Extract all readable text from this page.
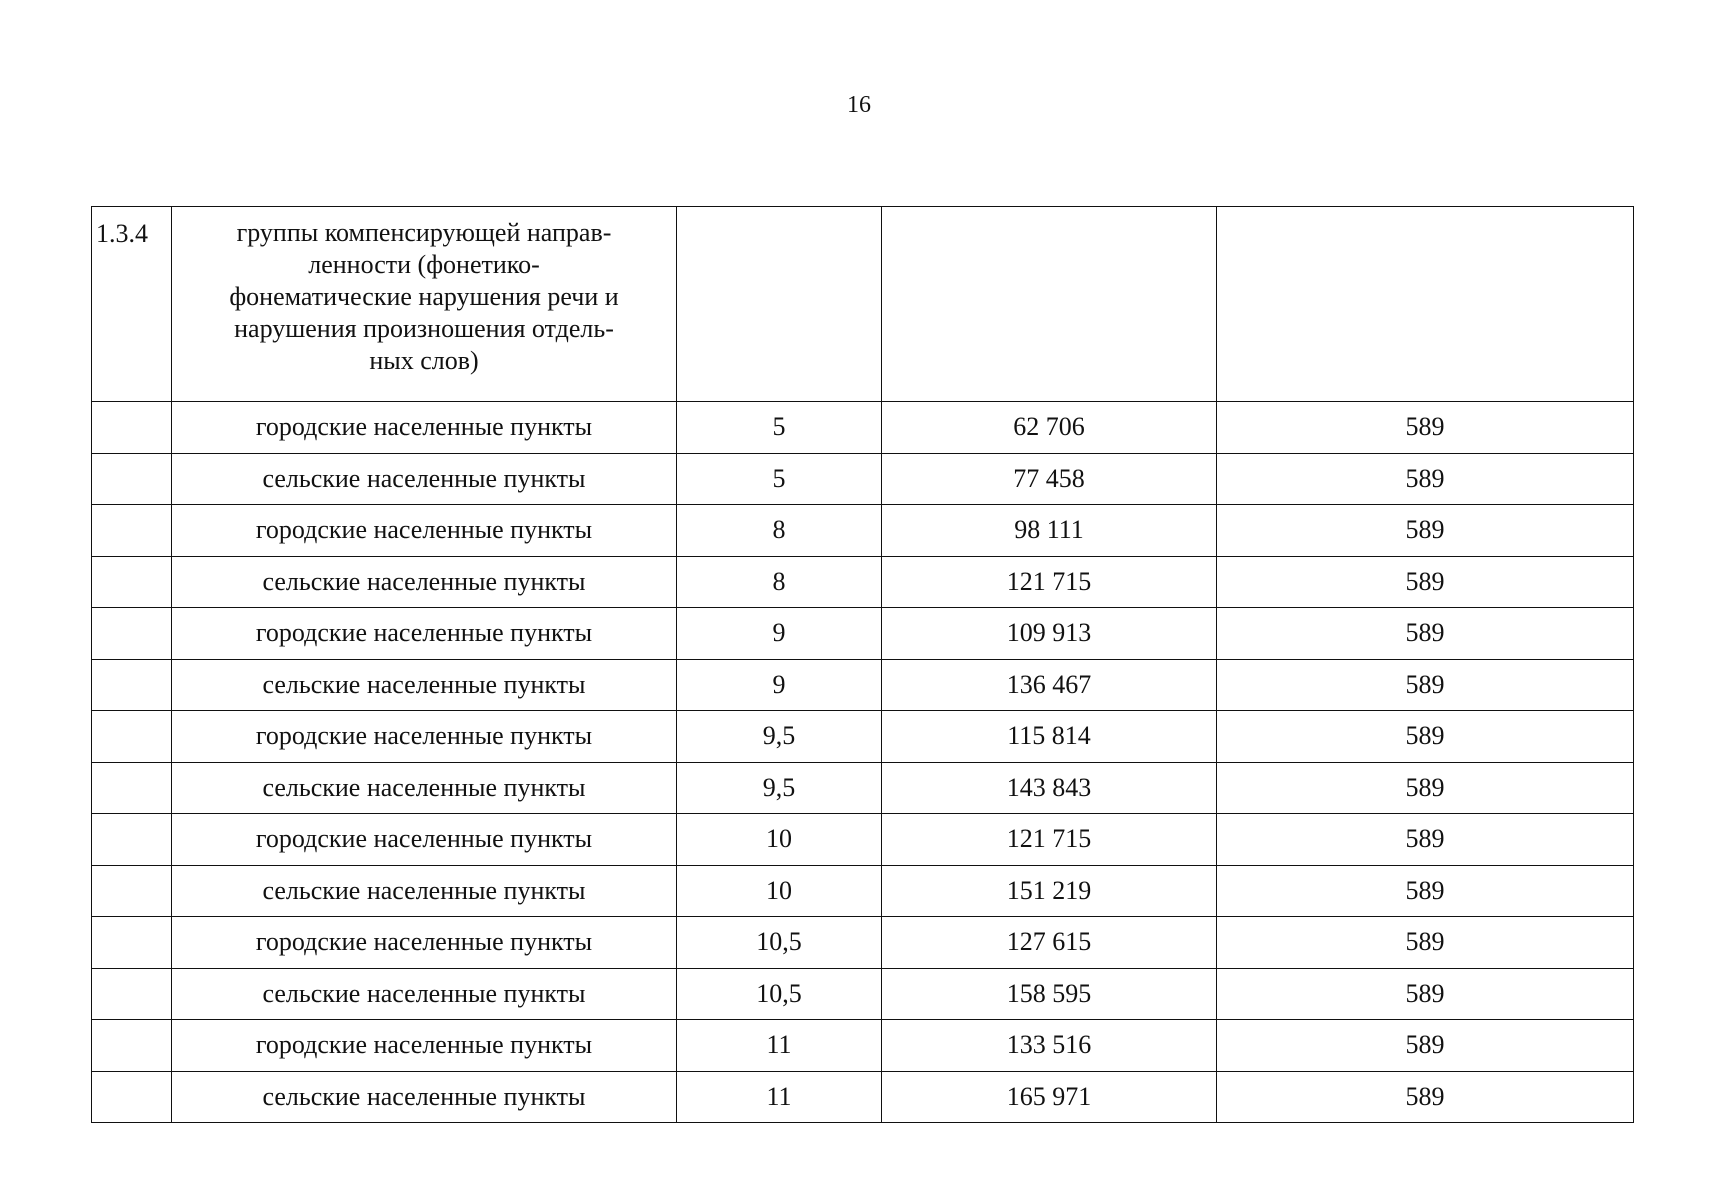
16
1.3.4	группы компенсирующей направ-
ленности (фонетико-
фонематические нарушения речи и
нарушения произношения отдель-
ных слов)			
	городские населенные пункты	5	62 706	589
	сельские населенные пункты	5	77 458	589
	городские населенные пункты	8	98 111	589
	сельские населенные пункты	8	121 715	589
	городские населенные пункты	9	109 913	589
	сельские населенные пункты	9	136 467	589
	городские населенные пункты	9,5	115 814	589
	сельские населенные пункты	9,5	143 843	589
	городские населенные пункты	10	121 715	589
	сельские населенные пункты	10	151 219	589
	городские населенные пункты	10,5	127 615	589
	сельские населенные пункты	10,5	158 595	589
	городские населенные пункты	11	133 516	589
	сельские населенные пункты	11	165 971	589
